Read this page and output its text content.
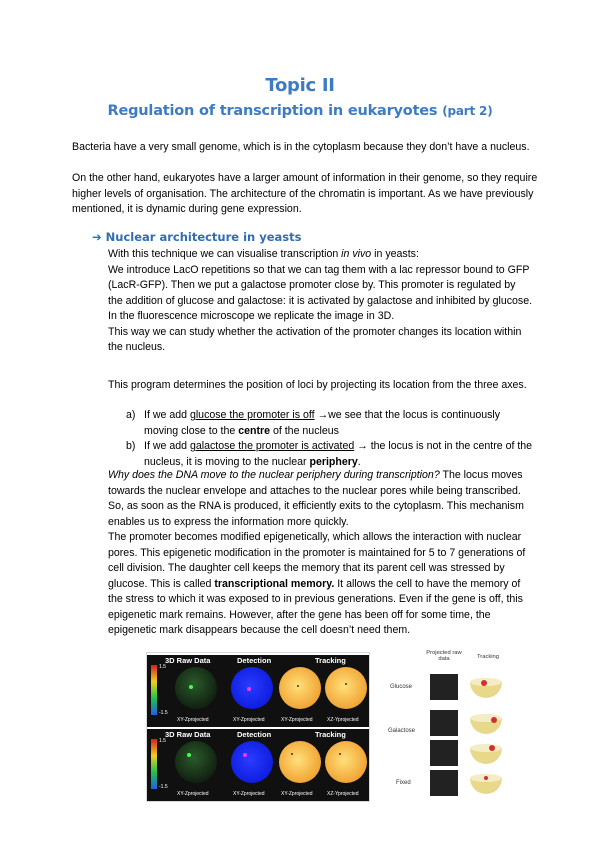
Topic II
Regulation of transcription in eukaryotes (part 2)

Bacteria have a very small genome, which is in the cytoplasm because they don’t have a nucleus.

On the other hand, eukaryotes have a larger amount of information in their genome, so they require higher levels of organisation. The architecture of the chromatin is important. As we have previously mentioned, it is dynamic during gene expression.

➔ Nuclear architecture in yeasts
With this technique we can visualise transcription in vivo in yeasts:
We introduce LacO repetitions so that we can tag them with a lac repressor bound to GFP (LacR-GFP). Then we put a galactose promoter close by. This promoter is regulated by the addition of glucose and galactose: it is activated by galactose and inhibited by glucose.
In the fluorescence microscope we replicate the image in 3D.
This way we can study whether the activation of the promoter changes its location within the nucleus.
This program determines the position of loci by projecting its location from the three axes.
a) If we add glucose the promoter is off →we see that the locus is continuously moving close to the centre of the nucleus
b) If we add galactose the promoter is activated → the locus is not in the centre of the nucleus, it is moving to the nuclear periphery.
Why does the DNA move to the nuclear periphery during transcription? The locus moves towards the nuclear envelope and attaches to the nuclear pores while being transcribed. So, as soon as the RNA is produced, it efficiently exits to the cytoplasm. This mechanism enables us to express the information more quickly.
The promoter becomes modified epigenetically, which allows the interaction with nuclear pores. This epigenetic modification in the promoter is maintained for 5 to 7 generations of cell division. The daughter cell keeps the memory that its parent cell was stressed by glucose. This is called transcriptional memory. It allows the cell to have the memory of the stress to which it was exposed to in previous generations. Even if the gene is off, this epigenetic mark remains. However, after the gene has been off for some time, the epigenetic mark disappears because the cell doesn’t need them.
3D Raw Data	Detection	Tracking
1.5
-1.5
XY-Zprojected	XY-Zprojected	XY-Zprojected	XZ-Yprojected
3D Raw Data	Detection	Tracking
1.5
-1.5
XY-Zprojected	XY-Zprojected	XY-Zprojected	XZ-Yprojected
Projected raw data	Tracking
Glucose
Galactose
Fixed
